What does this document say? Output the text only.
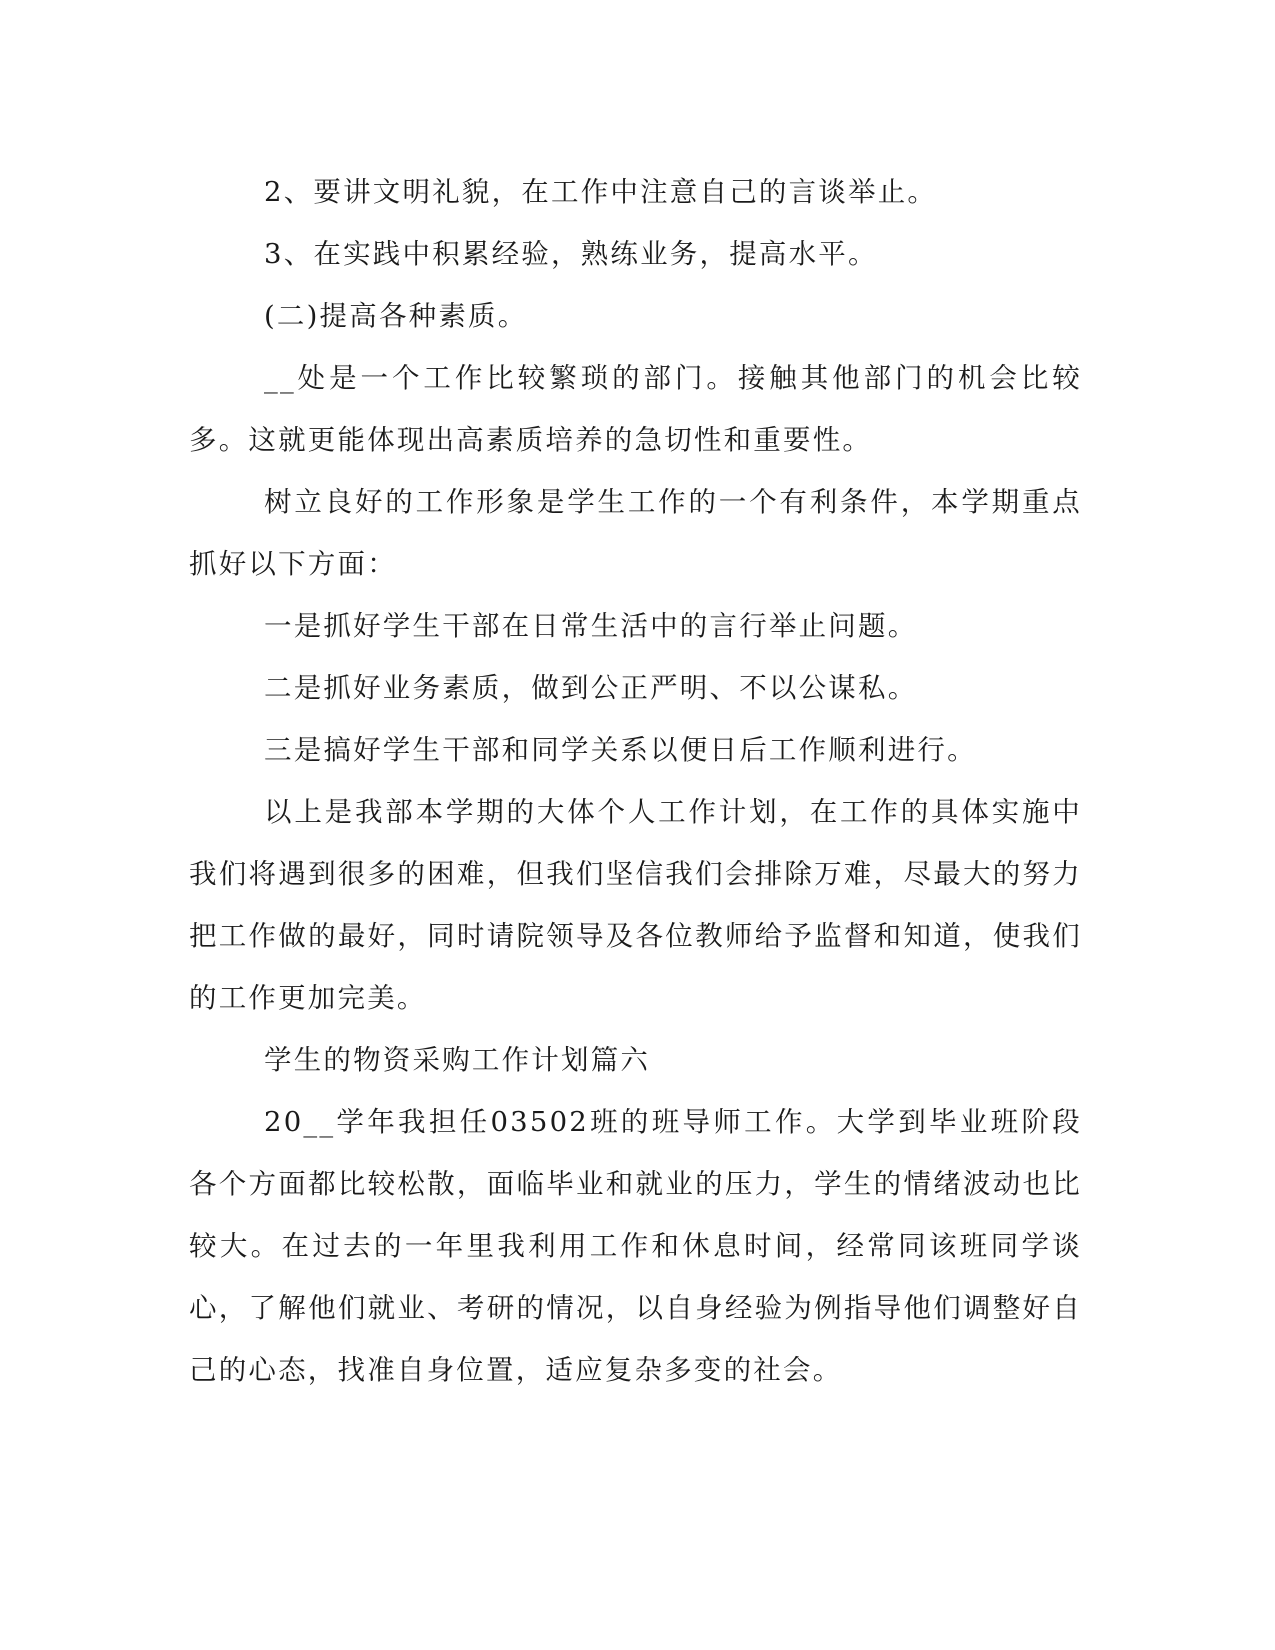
2、要讲文明礼貌，在工作中注意自己的言谈举止。

3、在实践中积累经验，熟练业务，提高水平。

(二)提高各种素质。

__处是一个工作比较繁琐的部门。接触其他部门的机会比较多。这就更能体现出高素质培养的急切性和重要性。

树立良好的工作形象是学生工作的一个有利条件，本学期重点抓好以下方面：

一是抓好学生干部在日常生活中的言行举止问题。

二是抓好业务素质，做到公正严明、不以公谋私。

三是搞好学生干部和同学关系以便日后工作顺利进行。

以上是我部本学期的大体个人工作计划，在工作的具体实施中我们将遇到很多的困难，但我们坚信我们会排除万难，尽最大的努力把工作做的最好，同时请院领导及各位教师给予监督和知道，使我们的工作更加完美。

学生的物资采购工作计划篇六

20__学年我担任03502班的班导师工作。大学到毕业班阶段各个方面都比较松散，面临毕业和就业的压力，学生的情绪波动也比较大。在过去的一年里我利用工作和休息时间，经常同该班同学谈心，了解他们就业、考研的情况，以自身经验为例指导他们调整好自己的心态，找准自身位置，适应复杂多变的社会。
